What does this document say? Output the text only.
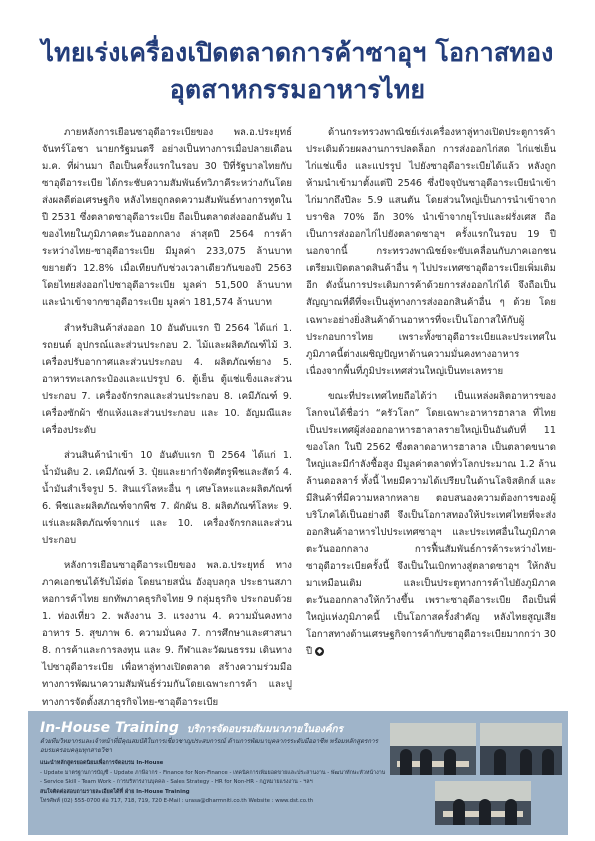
ไทยเร่งเครื่องเปิดตลาดการค้าซาอุฯ โอกาสทอง
อุตสาหกรรมอาหารไทย

ภายหลังการเยือนซาอุดีอาระเบียของ พล.อ.ประยุทธ์ จันทร์โอชา นายกรัฐมนตรี อย่างเป็นทางการเมื่อปลายเดือน ม.ค. ที่ผ่านมา ถือเป็นครั้งแรกในรอบ 30 ปีที่รัฐบาลไทยกับซาอุดีอาระเบีย ได้กระชับความสัมพันธ์ทวิภาคีระหว่างกันโดยส่งผลดีต่อเศรษฐกิจ หลังไทยถูกลดความสัมพันธ์ทางการทูตในปี 2531 ซึ่งตลาดซาอุดีอาระเบีย ถือเป็นตลาดส่งออกอันดับ 1 ของไทยในภูมิภาคตะวันออกกลาง ล่าสุดปี 2564 การค้าระหว่างไทย-ซาอุดีอาระเบีย มีมูลค่า 233,075 ล้านบาท ขยายตัว 12.8% เมื่อเทียบกับช่วงเวลาเดียวกันของปี 2563 โดยไทยส่งออกไปซาอุดีอาระเบีย มูลค่า 51,500 ล้านบาท และนำเข้าจากซาอุดีอาระเบีย มูลค่า 181,574 ล้านบาท

สำหรับสินค้าส่งออก 10 อันดับแรก ปี 2564 ได้แก่ 1. รถยนต์ อุปกรณ์และส่วนประกอบ 2. ไม้และผลิตภัณฑ์ไม้ 3. เครื่องปรับอากาศและส่วนประกอบ 4. ผลิตภัณฑ์ยาง 5. อาหารทะเลกระป๋องและแปรรูป 6. ตู้เย็น ตู้แช่แข็งและส่วนประกอบ 7. เครื่องจักรกลและส่วนประกอบ 8. เคมีภัณฑ์ 9. เครื่องซักผ้า ซักแห้งและส่วนประกอบ และ 10. อัญมณีและเครื่องประดับ

ส่วนสินค้านำเข้า 10 อันดับแรก ปี 2564 ได้แก่ 1. น้ำมันดิบ 2. เคมีภัณฑ์ 3. ปุ๋ยและยากำจัดศัตรูพืชและสัตว์ 4. น้ำมันสำเร็จรูป 5. สินแร่โลหะอื่น ๆ เศษโลหะและผลิตภัณฑ์ 6. พืชและผลิตภัณฑ์จากพืช 7. ผักผัน 8. ผลิตภัณฑ์โลหะ 9. แร่และผลิตภัณฑ์จากแร่ และ 10. เครื่องจักรกลและส่วนประกอบ

หลังการเยือนซาอุดีอาระเบียของ พล.อ.ประยุทธ์ ทางภาคเอกชนได้รับไม้ต่อ โดยนายสนั่น อังอุบลกุล ประธานสภาหอการค้าไทย ยกทัพภาคธุรกิจไทย 9 กลุ่มธุรกิจ ประกอบด้วย 1. ท่องเที่ยว 2. พลังงาน 3. แรงงาน 4. ความมั่นคงทางอาหาร 5. สุขภาพ 6. ความมั่นคง 7. การศึกษาและศาสนา 8. การค้าและการลงทุน และ 9. กีฬาและวัฒนธรรม เดินทางไปซาอุดีอาระเบีย เพื่อหาลู่ทางเปิดตลาด สร้างความร่วมมือทางการพัฒนาความสัมพันธ์ร่วมกันโดยเฉพาะการค้า และปูทางการจัดตั้งสภาธุรกิจไทย-ซาอุดีอาระเบีย

ด้านกระทรวงพาณิชย์เร่งเครื่องหาลู่ทางเปิดประตูการค้าประเดิมด้วยผลงานการปลดล็อก การส่งออกไก่สด ไก่แช่เย็น ไก่แช่แข็ง และแปรรูป ไปยังซาอุดีอาระเบียได้แล้ว หลังถูกห้ามนำเข้ามาตั้งแต่ปี 2546 ซึ่งปัจจุบันซาอุดีอาระเบียนำเข้าไก่มากถึงปีละ 5.9 แสนตัน โดยส่วนใหญ่เป็นการนำเข้าจากบราซิล 70% อีก 30% นำเข้าจากยุโรปและฝรั่งเศส ถือเป็นการส่งออกไก่ไปยังตลาดซาอุฯ ครั้งแรกในรอบ 19 ปี นอกจากนี้ กระทรวงพาณิชย์จะขับเคลื่อนกับภาคเอกชน เตรียมเปิดตลาดสินค้าอื่น ๆ ไปประเทศซาอุดีอาระเบียเพิ่มเติมอีก ดังนั้นการประเดิมการค้าด้วยการส่งออกไก่ได้ จึงถือเป็นสัญญาณที่ดีที่จะเป็นลู่ทางการส่งออกสินค้าอื่น ๆ ด้วย โดยเฉพาะอย่างยิ่งสินค้าด้านอาหารที่จะเป็นโอกาสให้กับผู้ประกอบการไทย เพราะทั้งซาอุดีอาระเบียและประเทศในภูมิภาคนี้ต่างเผชิญปัญหาด้านความมั่นคงทางอาหาร เนื่องจากพื้นที่ภูมิประเทศส่วนใหญ่เป็นทะเลทราย

ขณะที่ประเทศไทยถือได้ว่า เป็นแหล่งผลิตอาหารของโลกจนได้ชื่อว่า “ครัวโลก” โดยเฉพาะอาหารฮาลาล ที่ไทยเป็นประเทศผู้ส่งออกอาหารฮาลาลรายใหญ่เป็นอันดับที่ 11 ของโลก ในปี 2562 ซึ่งตลาดอาหารฮาลาล เป็นตลาดขนาดใหญ่และมีกำลังซื้อสูง มีมูลค่าตลาดทั่วโลกประมาณ 1.2 ล้านล้านดอลลาร์ ทั้งนี้ ไทยมีความได้เปรียบในด้านโลจิสติกส์ และมีสินค้าที่มีความหลากหลาย ตอบสนองความต้องการของผู้บริโภคได้เป็นอย่างดี จึงเป็นโอกาสทองให้ประเทศไทยที่จะส่งออกสินค้าอาหารไปประเทศซาอุฯ และประเทศอื่นในภูมิภาคตะวันออกกลาง การฟื้นสัมพันธ์การค้าระหว่างไทย-ซาอุดีอาระเบียครั้งนี้ จึงเป็นในเบิกทางสู่ตลาดซาอุฯ ให้กลับมาเหมือนเดิม และเป็นประตูทางการค้าไปยังภูมิภาคตะวันออกกลางให้กว้างขึ้น เพราะซาอุดีอาระเบีย ถือเป็นพี่ใหญ่แห่งภูมิภาคนี้ เป็นโอกาสครั้งสำคัญ หลังไทยสูญเสียโอกาสทางด้านเศรษฐกิจการค้ากับซาอุดีอาระเบียมากกว่า 30 ปี ◆

In-House Training บริการจัดอบรมสัมมนาภายในองค์กร
ด้วยทีมวิทยากรและเจ้าหน้าที่มีคุณสมบัติในการเชี่ยวชาญประสบการณ์ ด้านการพัฒนาบุคลากรระดับมืออาชีพ พร้อมหลักสูตรการอบรมครอบคลุมทุกสายวิชา
แนะนำหลักสูตรยอดนิยมเพื่อการจัดอบรม In-House
- Update มาตรฐานการบัญชี - Update ภาษีอากร - Finance for Non-Finance - เทคนิคการเพิ่มยอดขายและประสานงาน - พัฒนาทักษะหัวหน้างาน
- Service Skill - Team Work - การบริหารงานบุคคล - Sales Strategy - HR for Non-HR - กฎหมายแรงงาน - ฯลฯ
สนใจติดต่อสอบถามรายละเอียดได้ที่ ฝ่าย In-House Training
โทรศัพท์ (02) 555-0700 ต่อ 717, 718, 719, 720 E-Mail : urasa@dharmniti.co.th Website : www.dst.co.th
